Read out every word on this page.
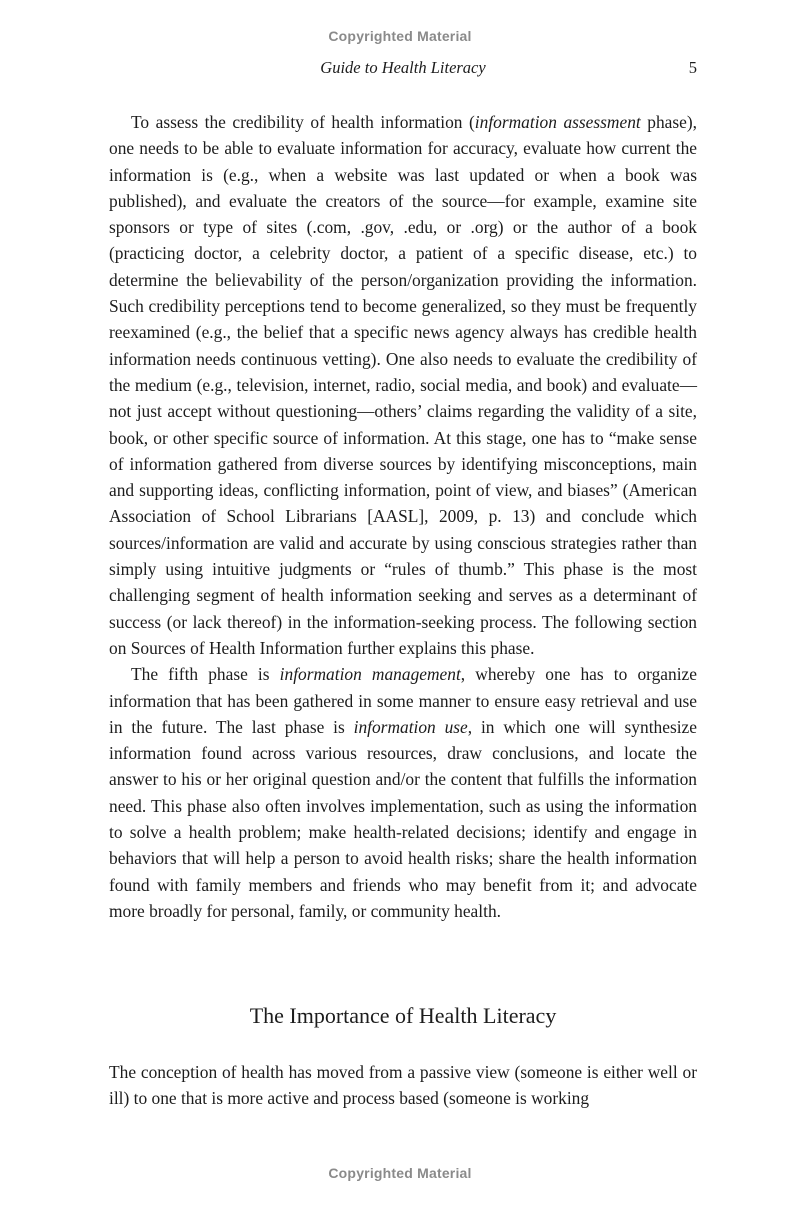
Copyrighted Material
Guide to Health Literacy	5

To assess the credibility of health information (information assessment phase), one needs to be able to evaluate information for accuracy, evaluate how current the information is (e.g., when a website was last updated or when a book was published), and evaluate the creators of the source—for example, examine site sponsors or type of sites (.com, .gov, .edu, or .org) or the author of a book (practicing doctor, a celebrity doctor, a patient of a specific disease, etc.) to determine the believability of the person/organization providing the information. Such credibility perceptions tend to become generalized, so they must be frequently reexamined (e.g., the belief that a specific news agency always has credible health information needs continuous vetting). One also needs to evaluate the credibility of the medium (e.g., television, internet, radio, social media, and book) and evaluate—not just accept without questioning—others’ claims regarding the validity of a site, book, or other specific source of information. At this stage, one has to “make sense of information gathered from diverse sources by identifying misconceptions, main and supporting ideas, conflicting information, point of view, and biases” (American Association of School Librarians [AASL], 2009, p. 13) and conclude which sources/information are valid and accurate by using conscious strategies rather than simply using intuitive judgments or “rules of thumb.” This phase is the most challenging segment of health information seeking and serves as a determinant of success (or lack thereof) in the information-seeking process. The following section on Sources of Health Information further explains this phase.

The fifth phase is information management, whereby one has to organize information that has been gathered in some manner to ensure easy retrieval and use in the future. The last phase is information use, in which one will synthesize information found across various resources, draw conclusions, and locate the answer to his or her original question and/or the content that fulfills the information need. This phase also often involves implementation, such as using the information to solve a health problem; make health-related decisions; identify and engage in behaviors that will help a person to avoid health risks; share the health information found with family members and friends who may benefit from it; and advocate more broadly for personal, family, or community health.

The Importance of Health Literacy

The conception of health has moved from a passive view (someone is either well or ill) to one that is more active and process based (someone is working

Copyrighted Material
